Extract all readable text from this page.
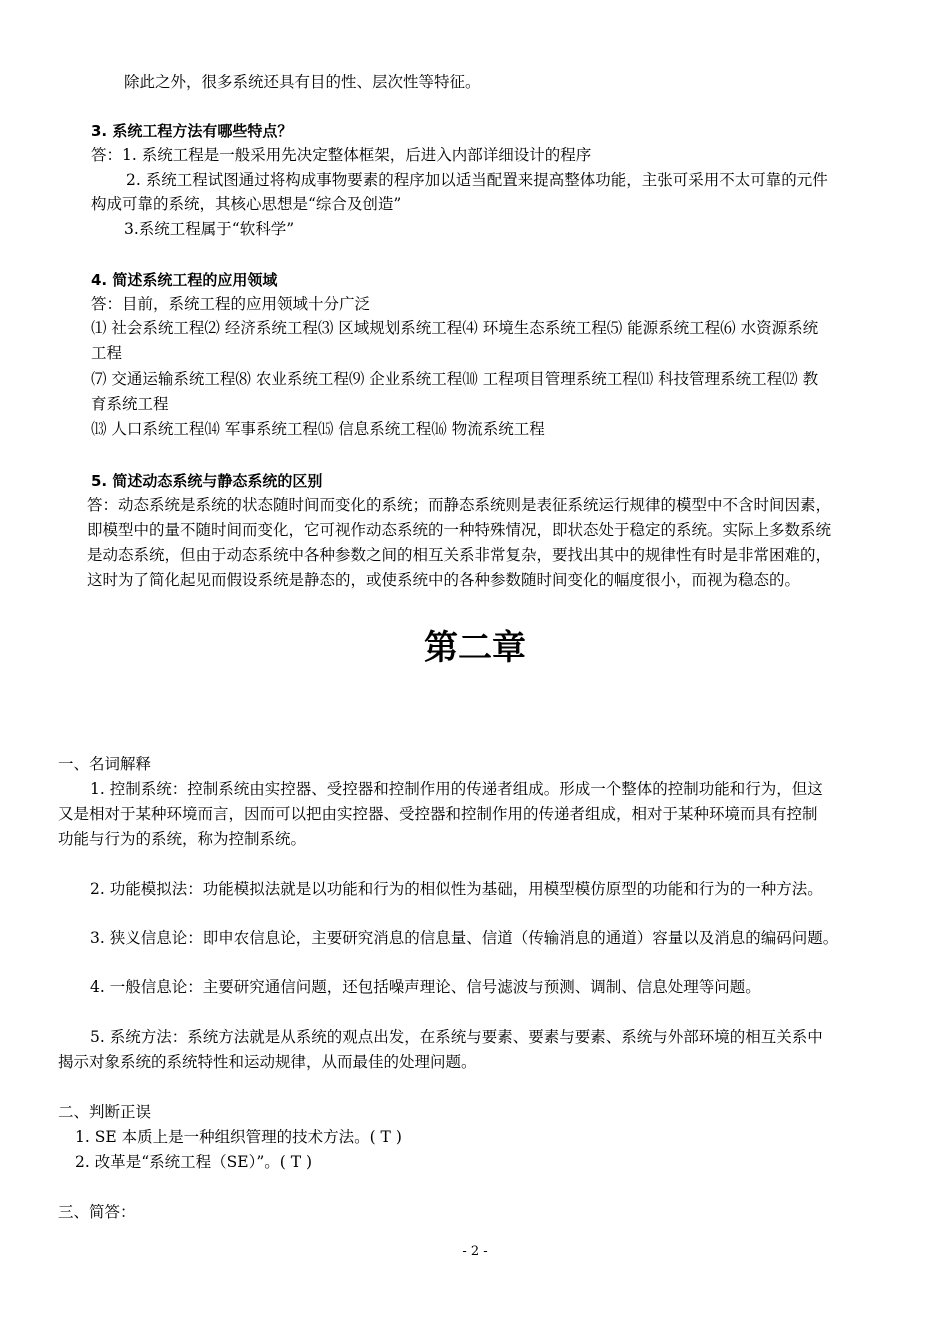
除此之外，很多系统还具有目的性、层次性等特征。
3. 系统工程方法有哪些特点？
答：1. 系统工程是一般采用先决定整体框架，后进入内部详细设计的程序
2. 系统工程试图通过将构成事物要素的程序加以适当配置来提高整体功能，主张可采用不太可靠的元件
构成可靠的系统，其核心思想是“综合及创造”
3.系统工程属于“软科学”
4. 简述系统工程的应用领域
答：目前，系统工程的应用领域十分广泛
⑴ 社会系统工程⑵ 经济系统工程⑶ 区域规划系统工程⑷ 环境生态系统工程⑸ 能源系统工程⑹ 水资源系统
工程
⑺ 交通运输系统工程⑻ 农业系统工程⑼ 企业系统工程⑽ 工程项目管理系统工程⑾ 科技管理系统工程⑿ 教
育系统工程
⒀ 人口系统工程⒁ 军事系统工程⒂ 信息系统工程⒃ 物流系统工程
5. 简述动态系统与静态系统的区别
答：动态系统是系统的状态随时间而变化的系统；而静态系统则是表征系统运行规律的模型中不含时间因素，
即模型中的量不随时间而变化，它可视作动态系统的一种特殊情况，即状态处于稳定的系统。实际上多数系统
是动态系统，但由于动态系统中各种参数之间的相互关系非常复杂，要找出其中的规律性有时是非常困难的，
这时为了简化起见而假设系统是静态的，或使系统中的各种参数随时间变化的幅度很小，而视为稳态的。
第二章
一、名词解释
1. 控制系统：控制系统由实控器、受控器和控制作用的传递者组成。形成一个整体的控制功能和行为，但这
又是相对于某种环境而言，因而可以把由实控器、受控器和控制作用的传递者组成，相对于某种环境而具有控制
功能与行为的系统，称为控制系统。
2. 功能模拟法：功能模拟法就是以功能和行为的相似性为基础，用模型模仿原型的功能和行为的一种方法。
3. 狭义信息论：即申农信息论，主要研究消息的信息量、信道（传输消息的通道）容量以及消息的编码问题。
4. 一般信息论：主要研究通信问题，还包括噪声理论、信号滤波与预测、调制、信息处理等问题。
5. 系统方法：系统方法就是从系统的观点出发，在系统与要素、要素与要素、系统与外部环境的相互关系中
揭示对象系统的系统特性和运动规律，从而最佳的处理问题。
二、判断正误
1. SE 本质上是一种组织管理的技术方法。( T )
2. 改革是“系统工程（SE）”。( T )
三、简答：
- 2 -
